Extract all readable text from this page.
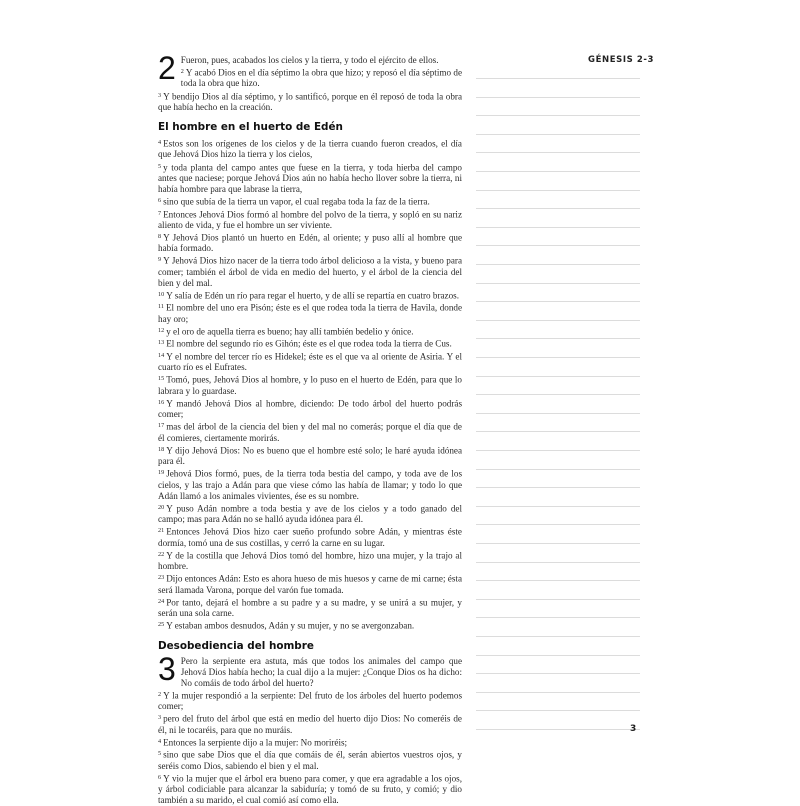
GÉNESIS 2-3
2 Fueron, pues, acabados los cielos y la tierra, y todo el ejército de ellos.
$^2$ Y acabó Dios en el día séptimo la obra que hizo; y reposó el día séptimo de toda la obra que hizo.
$^3$ Y bendijo Dios al día séptimo, y lo santificó, porque en él reposó de toda la obra que había hecho en la creación.
El hombre en el huerto de Edén
$^4$ Estos son los orígenes de los cielos y de la tierra cuando fueron creados, el día que Jehová Dios hizo la tierra y los cielos,
$^5$ y toda planta del campo antes que fuese en la tierra, y toda hierba del campo antes que naciese; porque Jehová Dios aún no había hecho llover sobre la tierra, ni había hombre para que labrase la tierra,
$^6$ sino que subía de la tierra un vapor, el cual regaba toda la faz de la tierra.
$^7$ Entonces Jehová Dios formó al hombre del polvo de la tierra, y sopló en su nariz aliento de vida, y fue el hombre un ser viviente.
$^8$ Y Jehová Dios plantó un huerto en Edén, al oriente; y puso allí al hombre que había formado.
$^9$ Y Jehová Dios hizo nacer de la tierra todo árbol delicioso a la vista, y bueno para comer; también el árbol de vida en medio del huerto, y el árbol de la ciencia del bien y del mal.
$^{10}$ Y salía de Edén un río para regar el huerto, y de allí se repartía en cuatro brazos.
$^{11}$ El nombre del uno era Pisón; éste es el que rodea toda la tierra de Havila, donde hay oro;
$^{12}$ y el oro de aquella tierra es bueno; hay allí también bedelio y ónice.
$^{13}$ El nombre del segundo río es Gihón; éste es el que rodea toda la tierra de Cus.
$^{14}$ Y el nombre del tercer río es Hidekel; éste es el que va al oriente de Asiria. Y el cuarto río es el Eufrates.
$^{15}$ Tomó, pues, Jehová Dios al hombre, y lo puso en el huerto de Edén, para que lo labrara y lo guardase.
$^{16}$ Y mandó Jehová Dios al hombre, diciendo: De todo árbol del huerto podrás comer;
$^{17}$ mas del árbol de la ciencia del bien y del mal no comerás; porque el día que de él comieres, ciertamente morirás.
$^{18}$ Y dijo Jehová Dios: No es bueno que el hombre esté solo; le haré ayuda idónea para él.
$^{19}$ Jehová Dios formó, pues, de la tierra toda bestia del campo, y toda ave de los cielos, y las trajo a Adán para que viese cómo las había de llamar; y todo lo que Adán llamó a los animales vivientes, ése es su nombre.
$^{20}$ Y puso Adán nombre a toda bestia y ave de los cielos y a todo ganado del campo; mas para Adán no se halló ayuda idónea para él.
$^{21}$ Entonces Jehová Dios hizo caer sueño profundo sobre Adán, y mientras éste dormía, tomó una de sus costillas, y cerró la carne en su lugar.
$^{22}$ Y de la costilla que Jehová Dios tomó del hombre, hizo una mujer, y la trajo al hombre.
$^{23}$ Dijo entonces Adán: Esto es ahora hueso de mis huesos y carne de mi carne; ésta será llamada Varona, porque del varón fue tomada.
$^{24}$ Por tanto, dejará el hombre a su padre y a su madre, y se unirá a su mujer, y serán una sola carne.
$^{25}$ Y estaban ambos desnudos, Adán y su mujer, y no se avergonzaban.
Desobediencia del hombre
3 Pero la serpiente era astuta, más que todos los animales del campo que Jehová Dios había hecho; la cual dijo a la mujer: ¿Conque Dios os ha dicho: No comáis de todo árbol del huerto?
$^2$ Y la mujer respondió a la serpiente: Del fruto de los árboles del huerto podemos comer;
$^3$ pero del fruto del árbol que está en medio del huerto dijo Dios: No comeréis de él, ni le tocaréis, para que no muráis.
$^4$ Entonces la serpiente dijo a la mujer: No moriréis;
$^5$ sino que sabe Dios que el día que comáis de él, serán abiertos vuestros ojos, y seréis como Dios, sabiendo el bien y el mal.
$^6$ Y vio la mujer que el árbol era bueno para comer, y que era agradable a los ojos, y árbol codiciable para alcanzar la sabiduría; y tomó de su fruto, y comió; y dio también a su marido, el cual comió así como ella.
3
